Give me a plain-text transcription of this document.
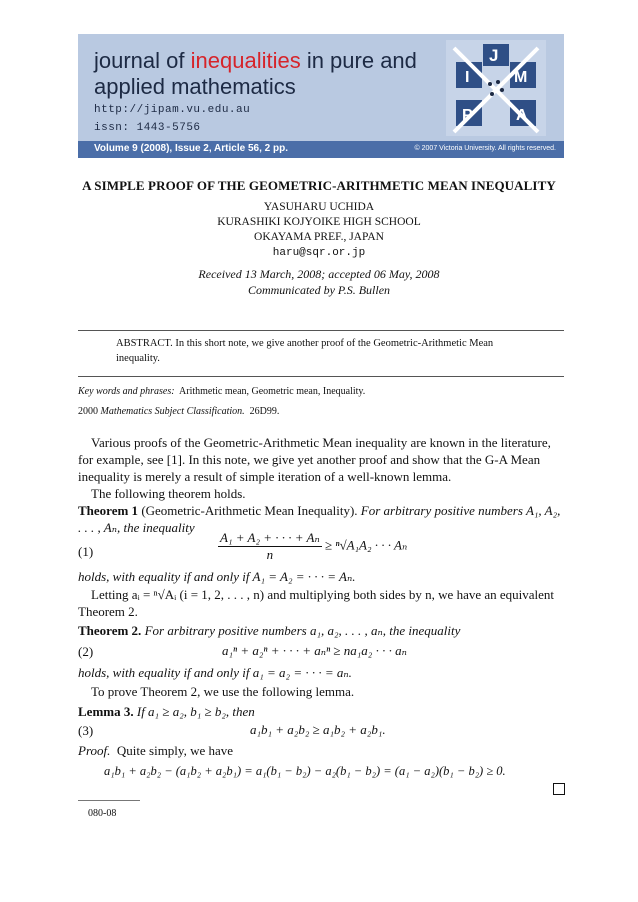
journal of inequalities in pure and
applied mathematics
http://jipam.vu.edu.au
issn: 1443-5756
J
I	M
P	A
Volume 9 (2008), Issue 2, Article 56, 2 pp.	© 2007 Victoria University. All rights reserved.
A SIMPLE PROOF OF THE GEOMETRIC-ARITHMETIC MEAN INEQUALITY
YASUHARU UCHIDA
KURASHIKI KOJYOIKE HIGH SCHOOL
OKAYAMA PREF., JAPAN
haru@sqr.or.jp
Received 13 March, 2008; accepted 06 May, 2008
Communicated by P.S. Bullen
ABSTRACT. In this short note, we give another proof of the Geometric-Arithmetic Mean inequality.
Key words and phrases: Arithmetic mean, Geometric mean, Inequality.
2000 Mathematics Subject Classification. 26D99.
Various proofs of the Geometric-Arithmetic Mean inequality are known in the literature, for example, see [1]. In this note, we give yet another proof and show that the G-A Mean inequality is merely a result of simple iteration of a well-known lemma.
The following theorem holds.
Theorem 1 (Geometric-Arithmetic Mean Inequality). For arbitrary positive numbers A₁, A₂, . . . , Aₙ, the inequality
(1)	$\frac{\text{A₁ + A₂ + · · · + Aₙ}}{n} \ge ^n√A_1A_2$ · · · Aₙ
holds, with equality if and only if A₁ = A₂ = · · · = Aₙ.
Letting aᵢ = ⁿ√Aᵢ (i = 1, 2, . . . , n) and multiplying both sides by n, we have an equivalent Theorem 2.
Theorem 2. For arbitrary positive numbers a₁, a₂, . . . , aₙ, the inequality
(2)	a₁ⁿ + a₂ⁿ + · · · + aₙⁿ ≥ na₁a₂ · · · aₙ
holds, with equality if and only if a₁ = a₂ = · · · = aₙ.
To prove Theorem 2, we use the following lemma.
Lemma 3. If a₁ ≥ a₂, b₁ ≥ b₂, then
(3)	a₁b₁ + a₂b₂ ≥ a₁b₂ + a₂b₁.
Proof. Quite simply, we have
a₁b₁ + a₂b₂ − (a₁b₂ + a₂b₁) = a₁(b₁ − b₂) − a₂(b₁ − b₂) = (a₁ − a₂)(b₁ − b₂) ≥ 0.
080-08
